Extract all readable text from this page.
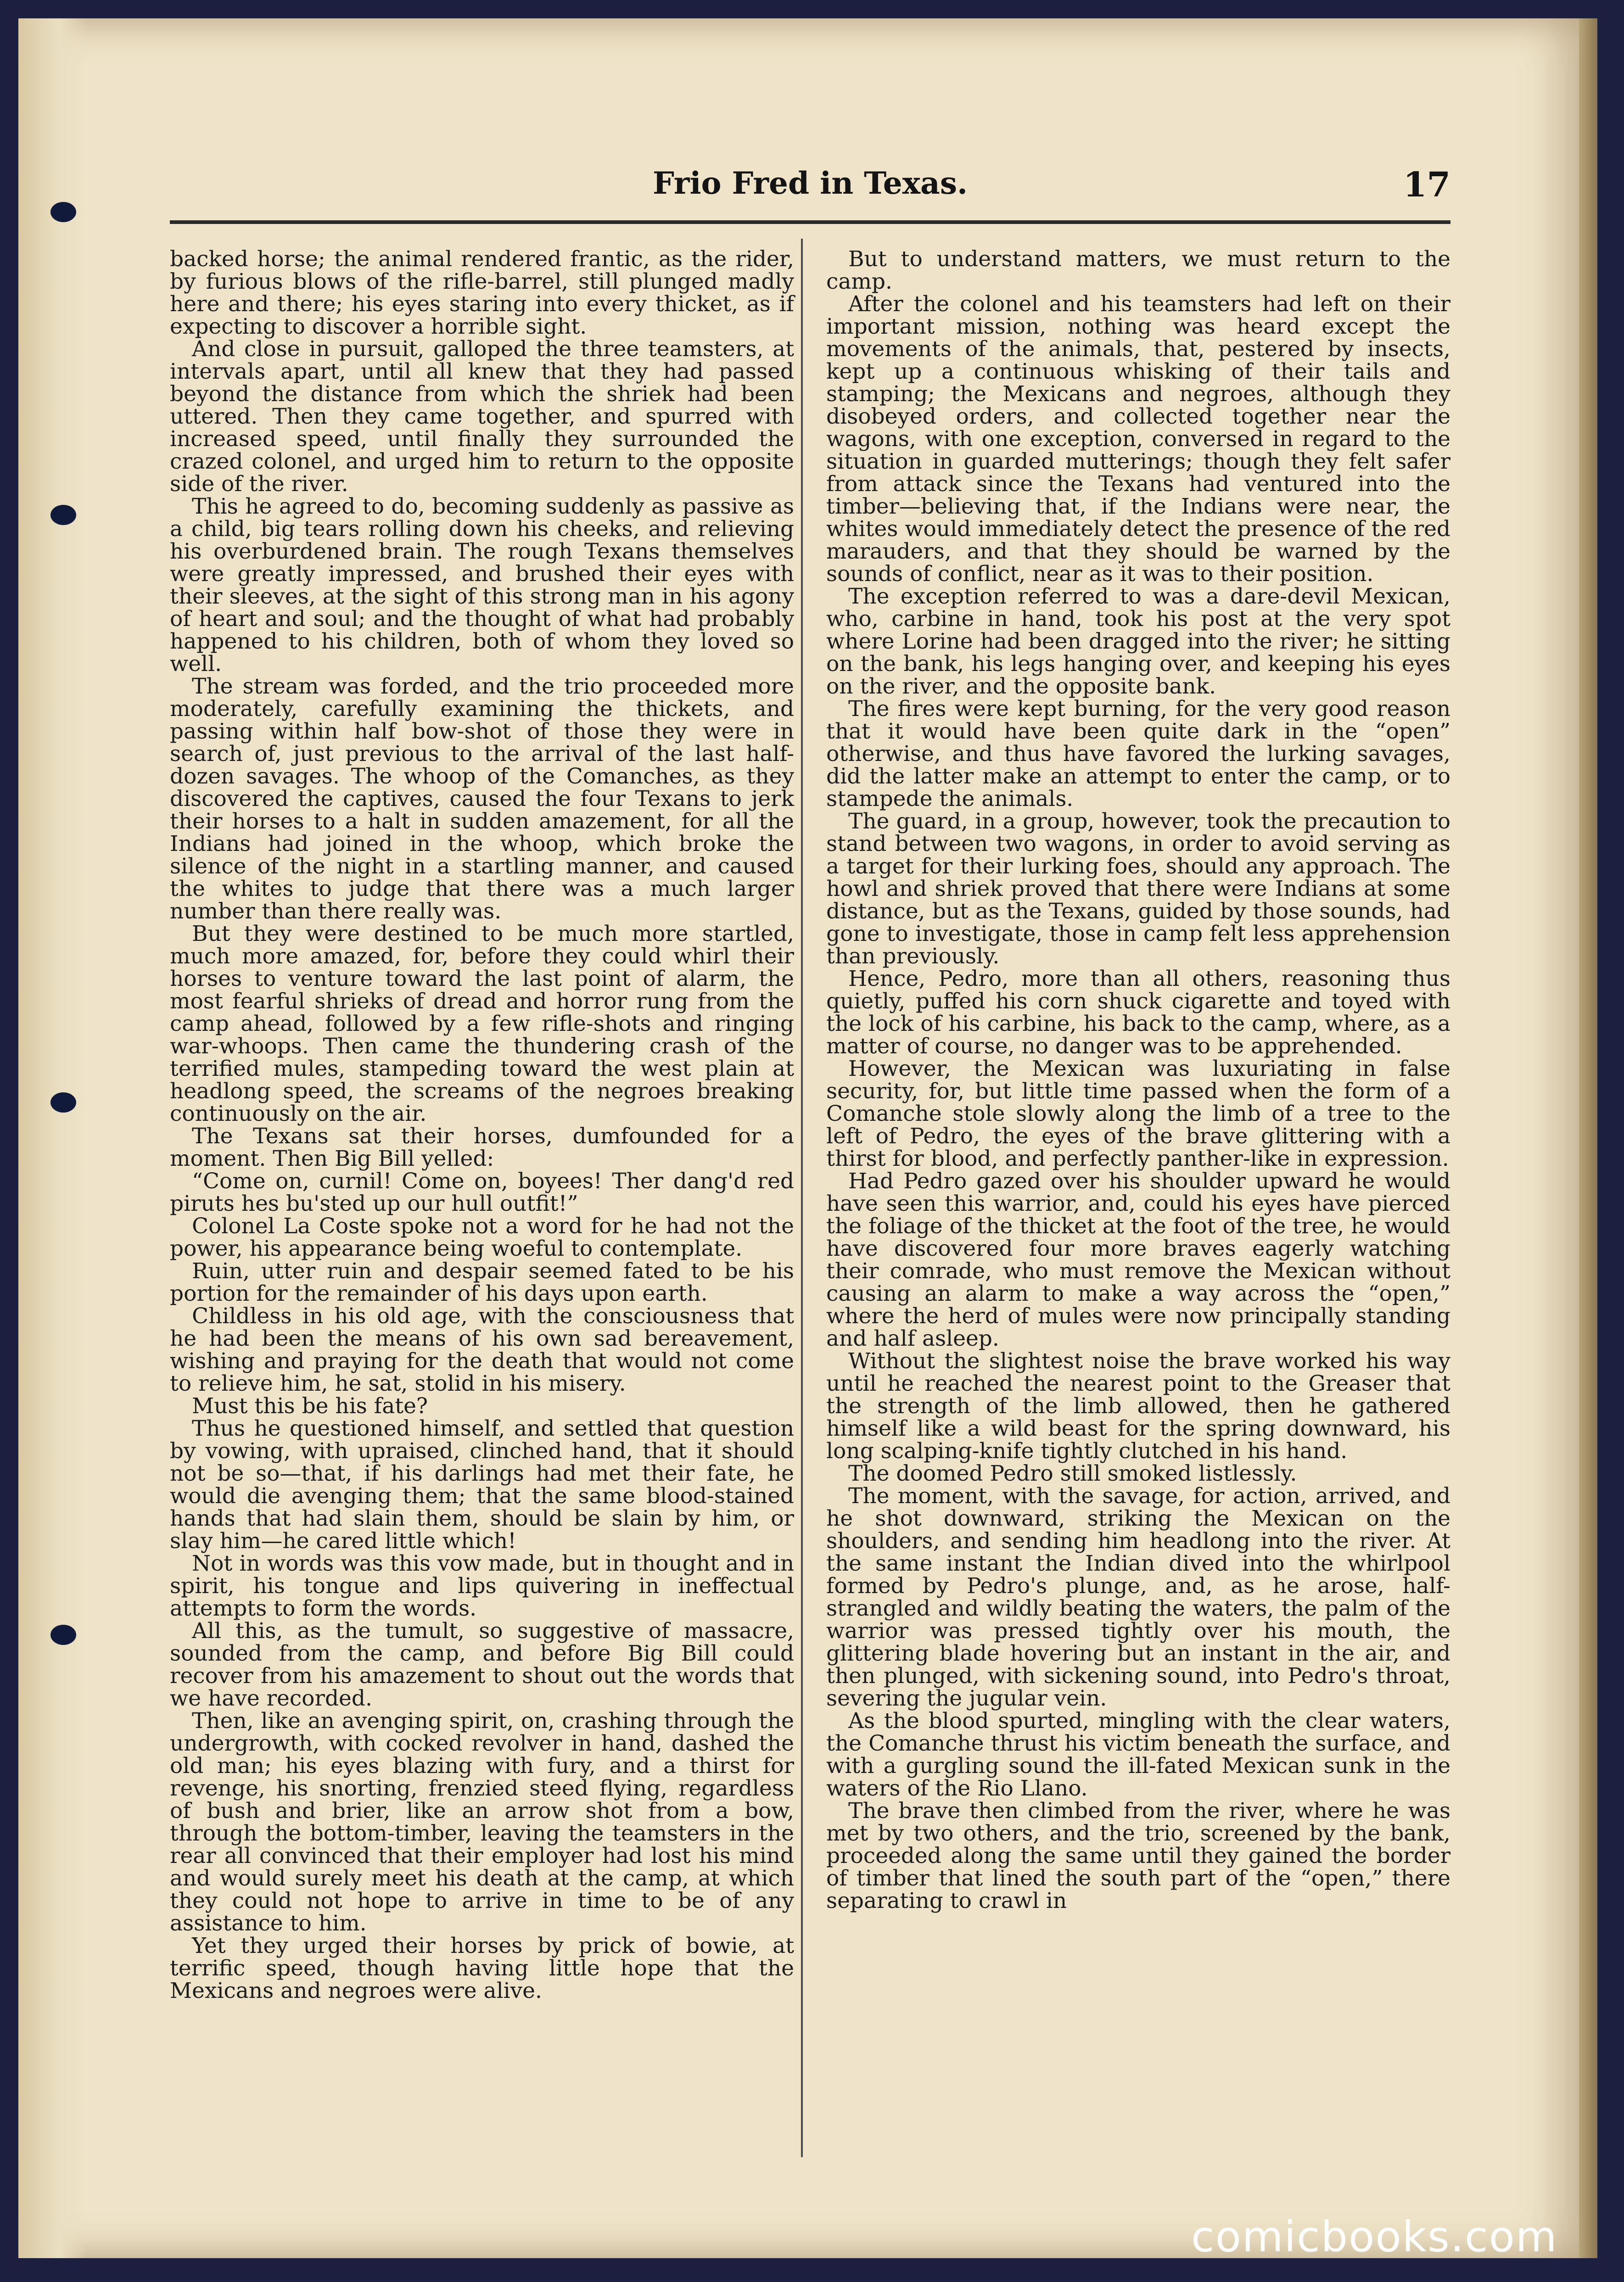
Frio Fred in Texas.	17

backed horse; the animal rendered frantic, as the rider, by furious blows of the rifle-barrel, still plunged madly here and there; his eyes staring into every thicket, as if expecting to discover a horrible sight.

And close in pursuit, galloped the three teamsters, at intervals apart, until all knew that they had passed beyond the distance from which the shriek had been uttered. Then they came together, and spurred with increased speed, until finally they surrounded the crazed colonel, and urged him to return to the opposite side of the river.

This he agreed to do, becoming suddenly as passive as a child, big tears rolling down his cheeks, and relieving his overburdened brain. The rough Texans themselves were greatly impressed, and brushed their eyes with their sleeves, at the sight of this strong man in his agony of heart and soul; and the thought of what had probably happened to his children, both of whom they loved so well.

The stream was forded, and the trio proceeded more moderately, carefully examining the thickets, and passing within half bow-shot of those they were in search of, just previous to the arrival of the last half-dozen savages. The whoop of the Comanches, as they discovered the captives, caused the four Texans to jerk their horses to a halt in sudden amazement, for all the Indians had joined in the whoop, which broke the silence of the night in a startling manner, and caused the whites to judge that there was a much larger number than there really was.

But they were destined to be much more startled, much more amazed, for, before they could whirl their horses to venture toward the last point of alarm, the most fearful shrieks of dread and horror rung from the camp ahead, followed by a few rifle-shots and ringing war-whoops. Then came the thundering crash of the terrified mules, stampeding toward the west plain at headlong speed, the screams of the negroes breaking continuously on the air.

The Texans sat their horses, dumfounded for a moment. Then Big Bill yelled:

“Come on, curnil! Come on, boyees! Ther dang'd red piruts hes bu'sted up our hull outfit!”

Colonel La Coste spoke not a word for he had not the power, his appearance being woeful to contemplate.

Ruin, utter ruin and despair seemed fated to be his portion for the remainder of his days upon earth.

Childless in his old age, with the consciousness that he had been the means of his own sad bereavement, wishing and praying for the death that would not come to relieve him, he sat, stolid in his misery.

Must this be his fate?

Thus he questioned himself, and settled that question by vowing, with upraised, clinched hand, that it should not be so—that, if his darlings had met their fate, he would die avenging them; that the same blood-stained hands that had slain them, should be slain by him, or slay him—he cared little which!

Not in words was this vow made, but in thought and in spirit, his tongue and lips quivering in ineffectual attempts to form the words.

All this, as the tumult, so suggestive of massacre, sounded from the camp, and before Big Bill could recover from his amazement to shout out the words that we have recorded.

Then, like an avenging spirit, on, crashing through the undergrowth, with cocked revolver in hand, dashed the old man; his eyes blazing with fury, and a thirst for revenge, his snorting, frenzied steed flying, regardless of bush and brier, like an arrow shot from a bow, through the bottom-timber, leaving the teamsters in the rear all convinced that their employer had lost his mind and would surely meet his death at the camp, at which they could not hope to arrive in time to be of any assistance to him.

Yet they urged their horses by prick of bowie, at terrific speed, though having little hope that the Mexicans and negroes were alive.

But to understand matters, we must return to the camp.

After the colonel and his teamsters had left on their important mission, nothing was heard except the movements of the animals, that, pestered by insects, kept up a continuous whisking of their tails and stamping; the Mexicans and negroes, although they disobeyed orders, and collected together near the wagons, with one exception, conversed in regard to the situation in guarded mutterings; though they felt safer from attack since the Texans had ventured into the timber—believing that, if the Indians were near, the whites would immediately detect the presence of the red marauders, and that they should be warned by the sounds of conflict, near as it was to their position.

The exception referred to was a dare-devil Mexican, who, carbine in hand, took his post at the very spot where Lorine had been dragged into the river; he sitting on the bank, his legs hanging over, and keeping his eyes on the river, and the opposite bank.

The fires were kept burning, for the very good reason that it would have been quite dark in the “open” otherwise, and thus have favored the lurking savages, did the latter make an attempt to enter the camp, or to stampede the animals.

The guard, in a group, however, took the precaution to stand between two wagons, in order to avoid serving as a target for their lurking foes, should any approach. The howl and shriek proved that there were Indians at some distance, but as the Texans, guided by those sounds, had gone to investigate, those in camp felt less apprehension than previously.

Hence, Pedro, more than all others, reasoning thus quietly, puffed his corn shuck cigarette and toyed with the lock of his carbine, his back to the camp, where, as a matter of course, no danger was to be apprehended.

However, the Mexican was luxuriating in false security, for, but little time passed when the form of a Comanche stole slowly along the limb of a tree to the left of Pedro, the eyes of the brave glittering with a thirst for blood, and perfectly panther-like in expression.

Had Pedro gazed over his shoulder upward he would have seen this warrior, and, could his eyes have pierced the foliage of the thicket at the foot of the tree, he would have discovered four more braves eagerly watching their comrade, who must remove the Mexican without causing an alarm to make a way across the “open,” where the herd of mules were now principally standing and half asleep.

Without the slightest noise the brave worked his way until he reached the nearest point to the Greaser that the strength of the limb allowed, then he gathered himself like a wild beast for the spring downward, his long scalping-knife tightly clutched in his hand.

The doomed Pedro still smoked listlessly.

The moment, with the savage, for action, arrived, and he shot downward, striking the Mexican on the shoulders, and sending him headlong into the river. At the same instant the Indian dived into the whirlpool formed by Pedro's plunge, and, as he arose, half-strangled and wildly beating the waters, the palm of the warrior was pressed tightly over his mouth, the glittering blade hovering but an instant in the air, and then plunged, with sickening sound, into Pedro's throat, severing the jugular vein.

As the blood spurted, mingling with the clear waters, the Comanche thrust his victim beneath the surface, and with a gurgling sound the ill-fated Mexican sunk in the waters of the Rio Llano.

The brave then climbed from the river, where he was met by two others, and the trio, screened by the bank, proceeded along the same until they gained the border of timber that lined the south part of the “open,” there separating to crawl in

comicbooks.com
